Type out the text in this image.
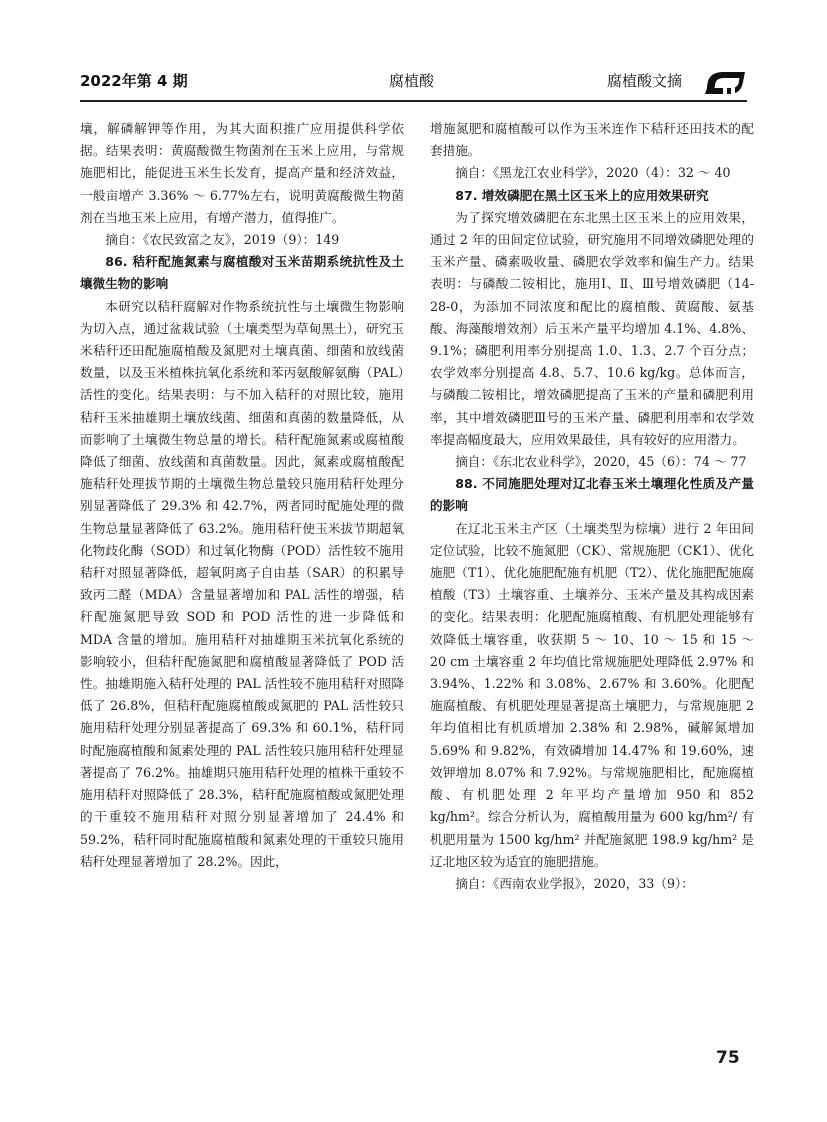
2022年第 4 期	腐植酸	腐植酸文摘

壤，解磷解钾等作用，为其大面积推广应用提供科学依据。结果表明：黄腐酸微生物菌剂在玉米上应用，与常规施肥相比，能促进玉米生长发育，提高产量和经济效益，一般亩增产 3.36% ～ 6.77%左右，说明黄腐酸微生物菌剂在当地玉米上应用，有增产潜力，值得推广。

摘自：《农民致富之友》，2019（9）：149

86. 秸秆配施氮素与腐植酸对玉米苗期系统抗性及土壤微生物的影响

本研究以秸秆腐解对作物系统抗性与土壤微生物影响为切入点，通过盆栽试验（土壤类型为草甸黑土），研究玉米秸秆还田配施腐植酸及氮肥对土壤真菌、细菌和放线菌数量，以及玉米植株抗氧化系统和苯丙氨酸解氨酶（PAL）活性的变化。结果表明：与不加入秸秆的对照比较，施用秸秆玉米抽雄期土壤放线菌、细菌和真菌的数量降低，从而影响了土壤微生物总量的增长。秸秆配施氮素或腐植酸降低了细菌、放线菌和真菌数量。因此，氮素或腐植酸配施秸秆处理拔节期的土壤微生物总量较只施用秸秆处理分别显著降低了 29.3% 和 42.7%，两者同时配施处理的微生物总量显著降低了 63.2%。施用秸秆使玉米拔节期超氧化物歧化酶（SOD）和过氧化物酶（POD）活性较不施用秸秆对照显著降低，超氧阴离子自由基（SAR）的积累导致丙二醛（MDA）含量显著增加和 PAL 活性的增强，秸秆配施氮肥导致 SOD 和 POD 活性的进一步降低和 MDA 含量的增加。施用秸秆对抽雄期玉米抗氧化系统的影响较小，但秸秆配施氮肥和腐植酸显著降低了 POD 活性。抽雄期施入秸秆处理的 PAL 活性较不施用秸秆对照降低了 26.8%，但秸秆配施腐植酸或氮肥的 PAL 活性较只施用秸秆处理分别显著提高了 69.3% 和 60.1%，秸秆同时配施腐植酸和氮素处理的 PAL 活性较只施用秸秆处理显著提高了 76.2%。抽雄期只施用秸秆处理的植株干重较不施用秸秆对照降低了 28.3%，秸秆配施腐植酸或氮肥处理的干重较不施用秸秆对照分别显著增加了 24.4% 和 59.2%，秸秆同时配施腐植酸和氮素处理的干重较只施用秸秆处理显著增加了 28.2%。因此，

增施氮肥和腐植酸可以作为玉米连作下秸秆还田技术的配套措施。

摘自：《黑龙江农业科学》，2020（4）：32 ～ 40

87. 增效磷肥在黑土区玉米上的应用效果研究

为了探究增效磷肥在东北黑土区玉米上的应用效果，通过 2 年的田间定位试验，研究施用不同增效磷肥处理的玉米产量、磷素吸收量、磷肥农学效率和偏生产力。结果表明：与磷酸二铵相比，施用Ⅰ、Ⅱ、Ⅲ号增效磷肥（14-28-0，为添加不同浓度和配比的腐植酸、黄腐酸、氨基酸、海藻酸增效剂）后玉米产量平均增加 4.1%、4.8%、9.1%；磷肥利用率分别提高 1.0、1.3、2.7 个百分点；农学效率分别提高 4.8、5.7、10.6 kg/kg。总体而言，与磷酸二铵相比，增效磷肥提高了玉米的产量和磷肥利用率，其中增效磷肥Ⅲ号的玉米产量、磷肥利用率和农学效率提高幅度最大，应用效果最佳，具有较好的应用潜力。

摘自：《东北农业科学》，2020，45（6）：74 ～ 77

88. 不同施肥处理对辽北春玉米土壤理化性质及产量的影响

在辽北玉米主产区（土壤类型为棕壤）进行 2 年田间定位试验，比较不施氮肥（CK）、常规施肥（CK1）、优化施肥（T1）、优化施肥配施有机肥（T2）、优化施肥配施腐植酸（T3）土壤容重、土壤养分、玉米产量及其构成因素的变化。结果表明：化肥配施腐植酸、有机肥处理能够有效降低土壤容重，收获期 5 ～ 10、10 ～ 15 和 15 ～ 20 cm 土壤容重 2 年均值比常规施肥处理降低 2.97% 和 3.94%、1.22% 和 3.08%、2.67% 和 3.60%。化肥配施腐植酸、有机肥处理显著提高土壤肥力，与常规施肥 2 年均值相比有机质增加 2.38% 和 2.98%，碱解氮增加 5.69% 和 9.82%，有效磷增加 14.47% 和 19.60%，速效钾增加 8.07% 和 7.92%。与常规施肥相比，配施腐植酸、有机肥处理 2 年平均产量增加 950 和 852 kg/hm²。综合分析认为，腐植酸用量为 600 kg/hm²/ 有机肥用量为 1500 kg/hm² 并配施氮肥 198.9 kg/hm² 是辽北地区较为适宜的施肥措施。

摘自：《西南农业学报》，2020，33（9）：

75
